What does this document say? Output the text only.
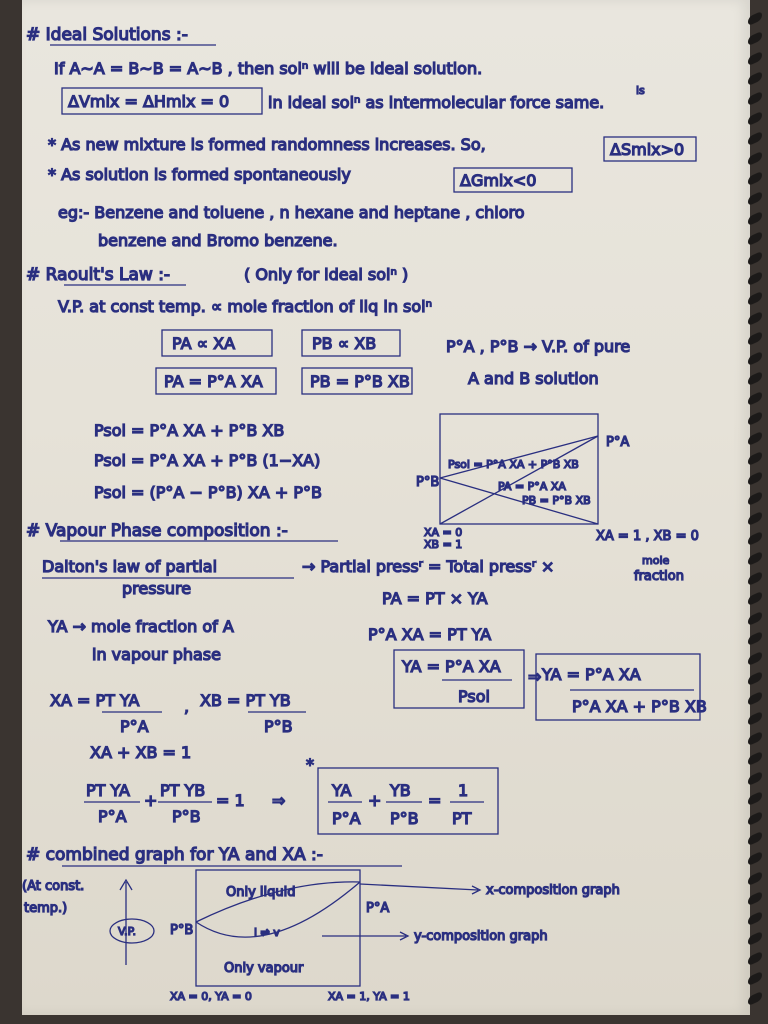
# Ideal Solutions :-
If A~A = B~B = A~B , then solⁿ will be ideal solution.
ΔVmix = ΔHmix = 0
is
in ideal solⁿ as intermolecular force same.
* As new mixture is formed randomness increases. So,	ΔSmix>0
* As solution is formed spontaneously	ΔGmix<0
eg:- Benzene and toluene , n hexane and heptane , chloro
benzene and Bromo benzene.
# Raoult's Law :-	( Only for ideal solⁿ )
V.P. at const temp. ∝ mole fraction of liq in solⁿ
PA ∝ XA	PB ∝ XB
PA = P°A XA	PB = P°B XB
P°A , P°B → V.P. of pure
A and B solution
Psol = P°A XA + P°B XB
Psol = P°A XA + P°B (1−XA)
Psol = (P°A − P°B) XA + P°B
P°B
P°A
Psol = P°A XA + P°B XB
PA = P°A XA
PB = P°B XB
XA = 0
XB = 1
XA = 1 , XB = 0
# Vapour Phase composition :-
Dalton's law of partial
pressure
→ Partial pressʳ = Total pressʳ ×	mole
fraction
PA = PT × YA
P°A XA = PT YA
YA → mole fraction of A
in vapour phase
YA = P°A XA
Psol
⇒ YA = P°A XA
P°A XA + P°B XB
XA = PT YA
P°A
, XB = PT YB
P°B
XA + XB = 1
PT YA
P°A
+
PT YB
P°B
= 1 ⇒
*
YA
P°A
+
YB
P°B
=
1
PT
# combined graph for YA and XA :-
(At const.
temp.)
V.P.	P°B
Only liquid
l ⇌ v
Only vapour
P°A
x-composition graph
y-composition graph
XA = 0, YA = 0	XA = 1, YA = 1
